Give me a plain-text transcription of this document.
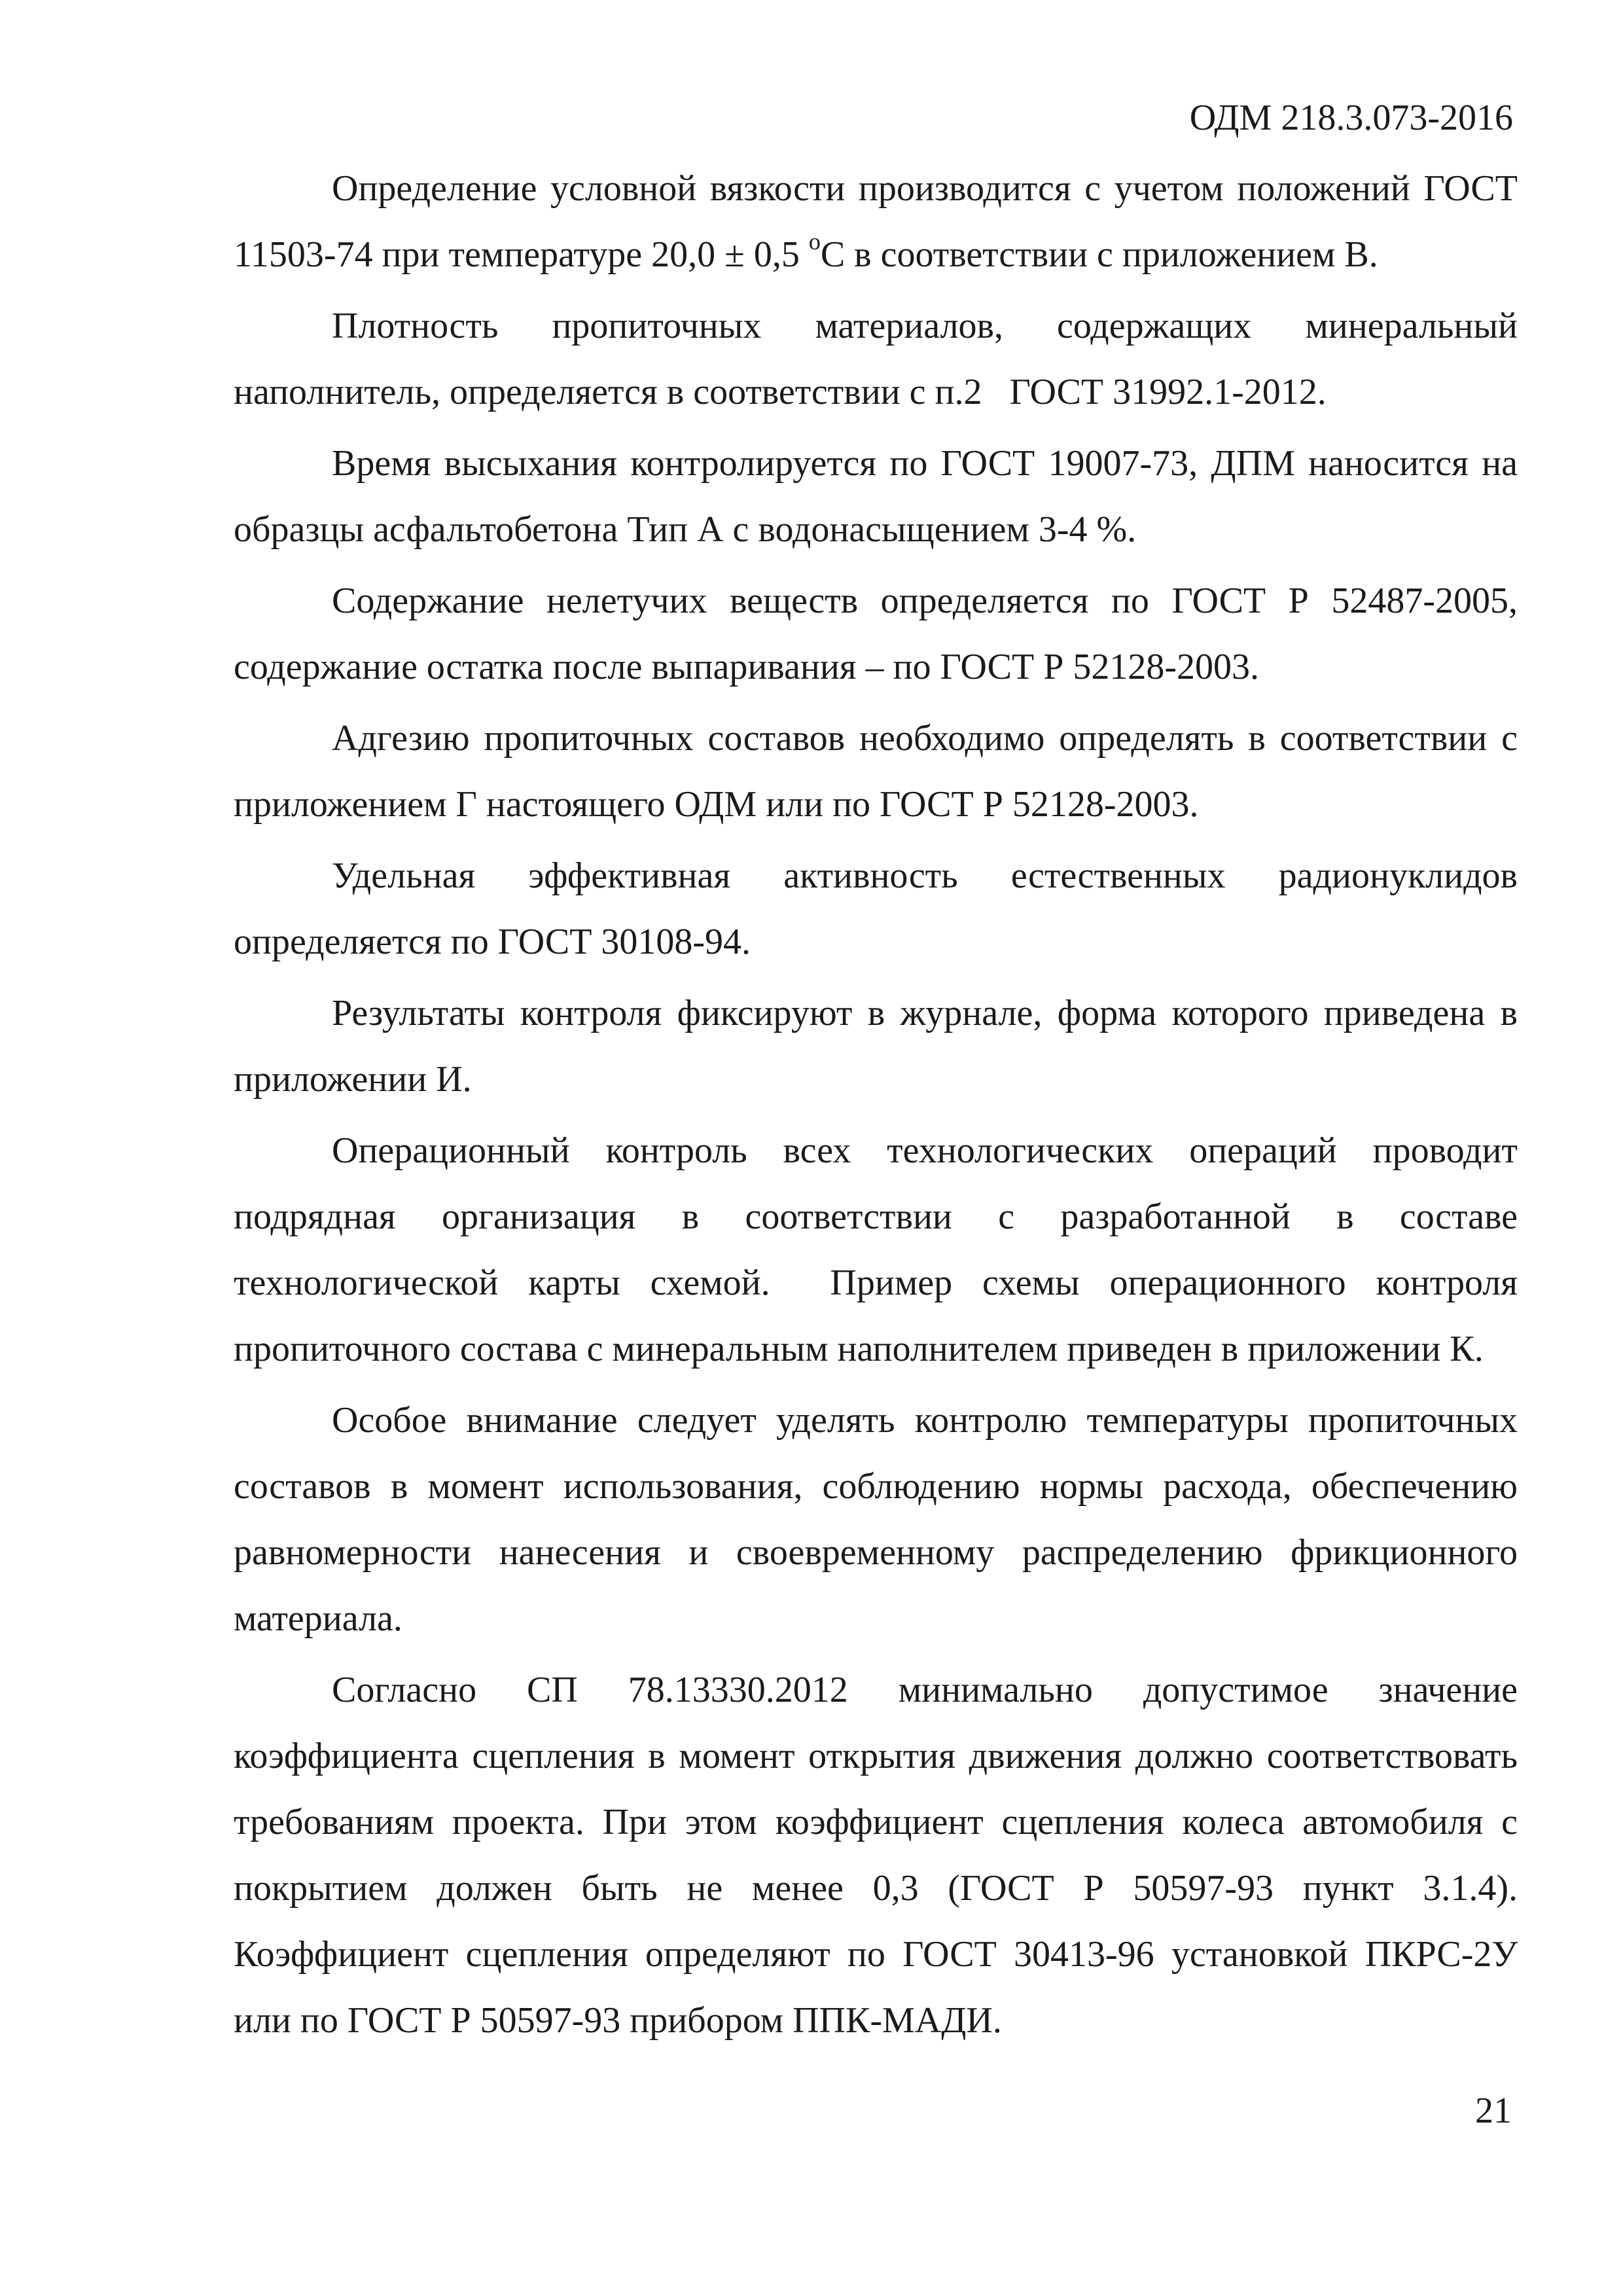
ОДМ 218.3.073-2016

Определение условной вязкости производится с учетом положений ГОСТ 11503-74 при температуре 20,0 ± 0,5 $^o$С в соответствии с приложением В.

Плотность пропиточных материалов, содержащих минеральный наполнитель, определяется в соответствии с п.2   ГОСТ 31992.1-2012.

Время высыхания контролируется по ГОСТ 19007-73, ДПМ наносится на образцы асфальтобетона Тип А с водонасыщением 3-4 %.

Содержание нелетучих веществ определяется по ГОСТ Р 52487-2005, содержание остатка после выпаривания – по ГОСТ Р 52128-2003.

Адгезию пропиточных составов необходимо определять в соответствии с приложением Г настоящего ОДМ или по ГОСТ Р 52128-2003.

Удельная эффективная активность естественных радионуклидов определяется по ГОСТ 30108-94.

Результаты контроля фиксируют в журнале, форма которого приведена в приложении И.

Операционный контроль всех технологических операций проводит подрядная организация в соответствии с разработанной в составе технологической карты схемой.  Пример схемы операционного контроля пропиточного состава с минеральным наполнителем приведен в приложении К.

Особое внимание следует уделять контролю температуры пропиточных составов в момент использования, соблюдению нормы расхода, обеспечению равномерности нанесения и своевременному распределению фрикционного материала.

Согласно СП 78.13330.2012 минимально допустимое значение коэффициента сцепления в момент открытия движения должно соответствовать требованиям проекта. При этом коэффициент сцепления колеса автомобиля с покрытием должен быть не менее 0,3 (ГОСТ Р 50597-93 пункт 3.1.4). Коэффициент сцепления определяют по ГОСТ 30413-96 установкой ПКРС-2У или по ГОСТ Р 50597-93 прибором ППК-МАДИ.

21
